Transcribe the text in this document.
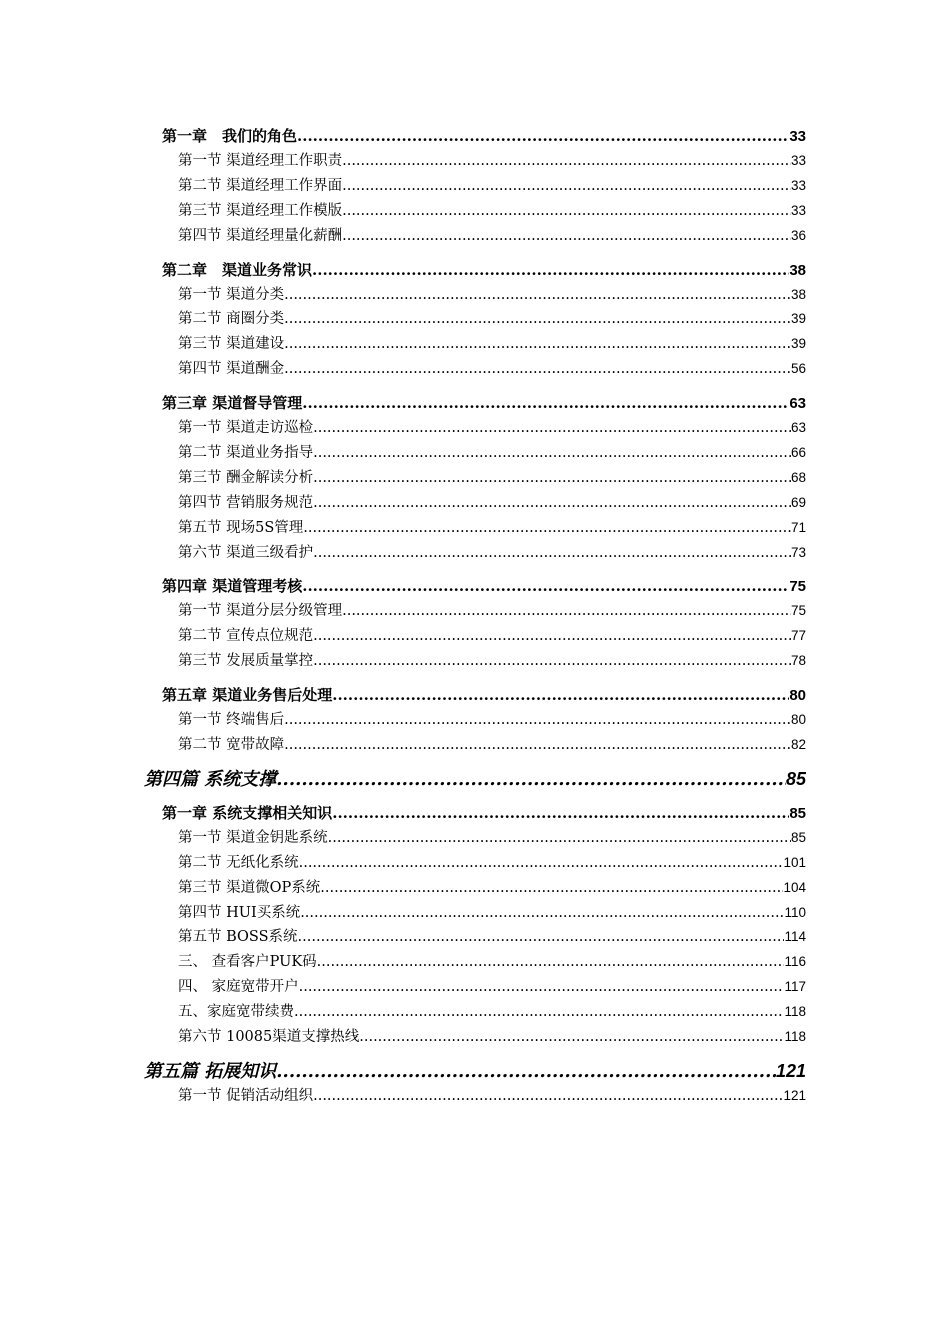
第一章　我们的角色 .....	33
第一节 渠道经理工作职责 .....	33
第二节 渠道经理工作界面 .....	33
第三节 渠道经理工作模版 .....	33
第四节 渠道经理量化薪酬 .....	36
第二章　渠道业务常识 .....	38
第一节 渠道分类 .....	38
第二节 商圈分类 .....	39
第三节 渠道建设 .....	39
第四节 渠道酬金 .....	56
第三章 渠道督导管理 .....	63
第一节 渠道走访巡检 .....	63
第二节 渠道业务指导 .....	66
第三节 酬金解读分析 .....	68
第四节 营销服务规范 .....	69
第五节 现场5S管理 .....	71
第六节 渠道三级看护 .....	73
第四章 渠道管理考核 .....	75
第一节 渠道分层分级管理 .....	75
第二节 宣传点位规范 .....	77
第三节 发展质量掌控 .....	78
第五章 渠道业务售后处理 .....	80
第一节 终端售后 .....	80
第二节 宽带故障 .....	82
第四篇 系统支撑 .....	85
第一章 系统支撑相关知识 .....	85
第一节 渠道金钥匙系统 .....	85
第二节 无纸化系统 .....	101
第三节 渠道微OP系统 .....	104
第四节 HUI买系统 .....	110
第五节 BOSS系统 .....	114
三、 查看客户PUK码 .....	116
四、 家庭宽带开户 .....	117
五、家庭宽带续费 .....	118
第六节 10085渠道支撑热线 .....	118
第五篇 拓展知识 .....	121
第一节 促销活动组织 .....	121
